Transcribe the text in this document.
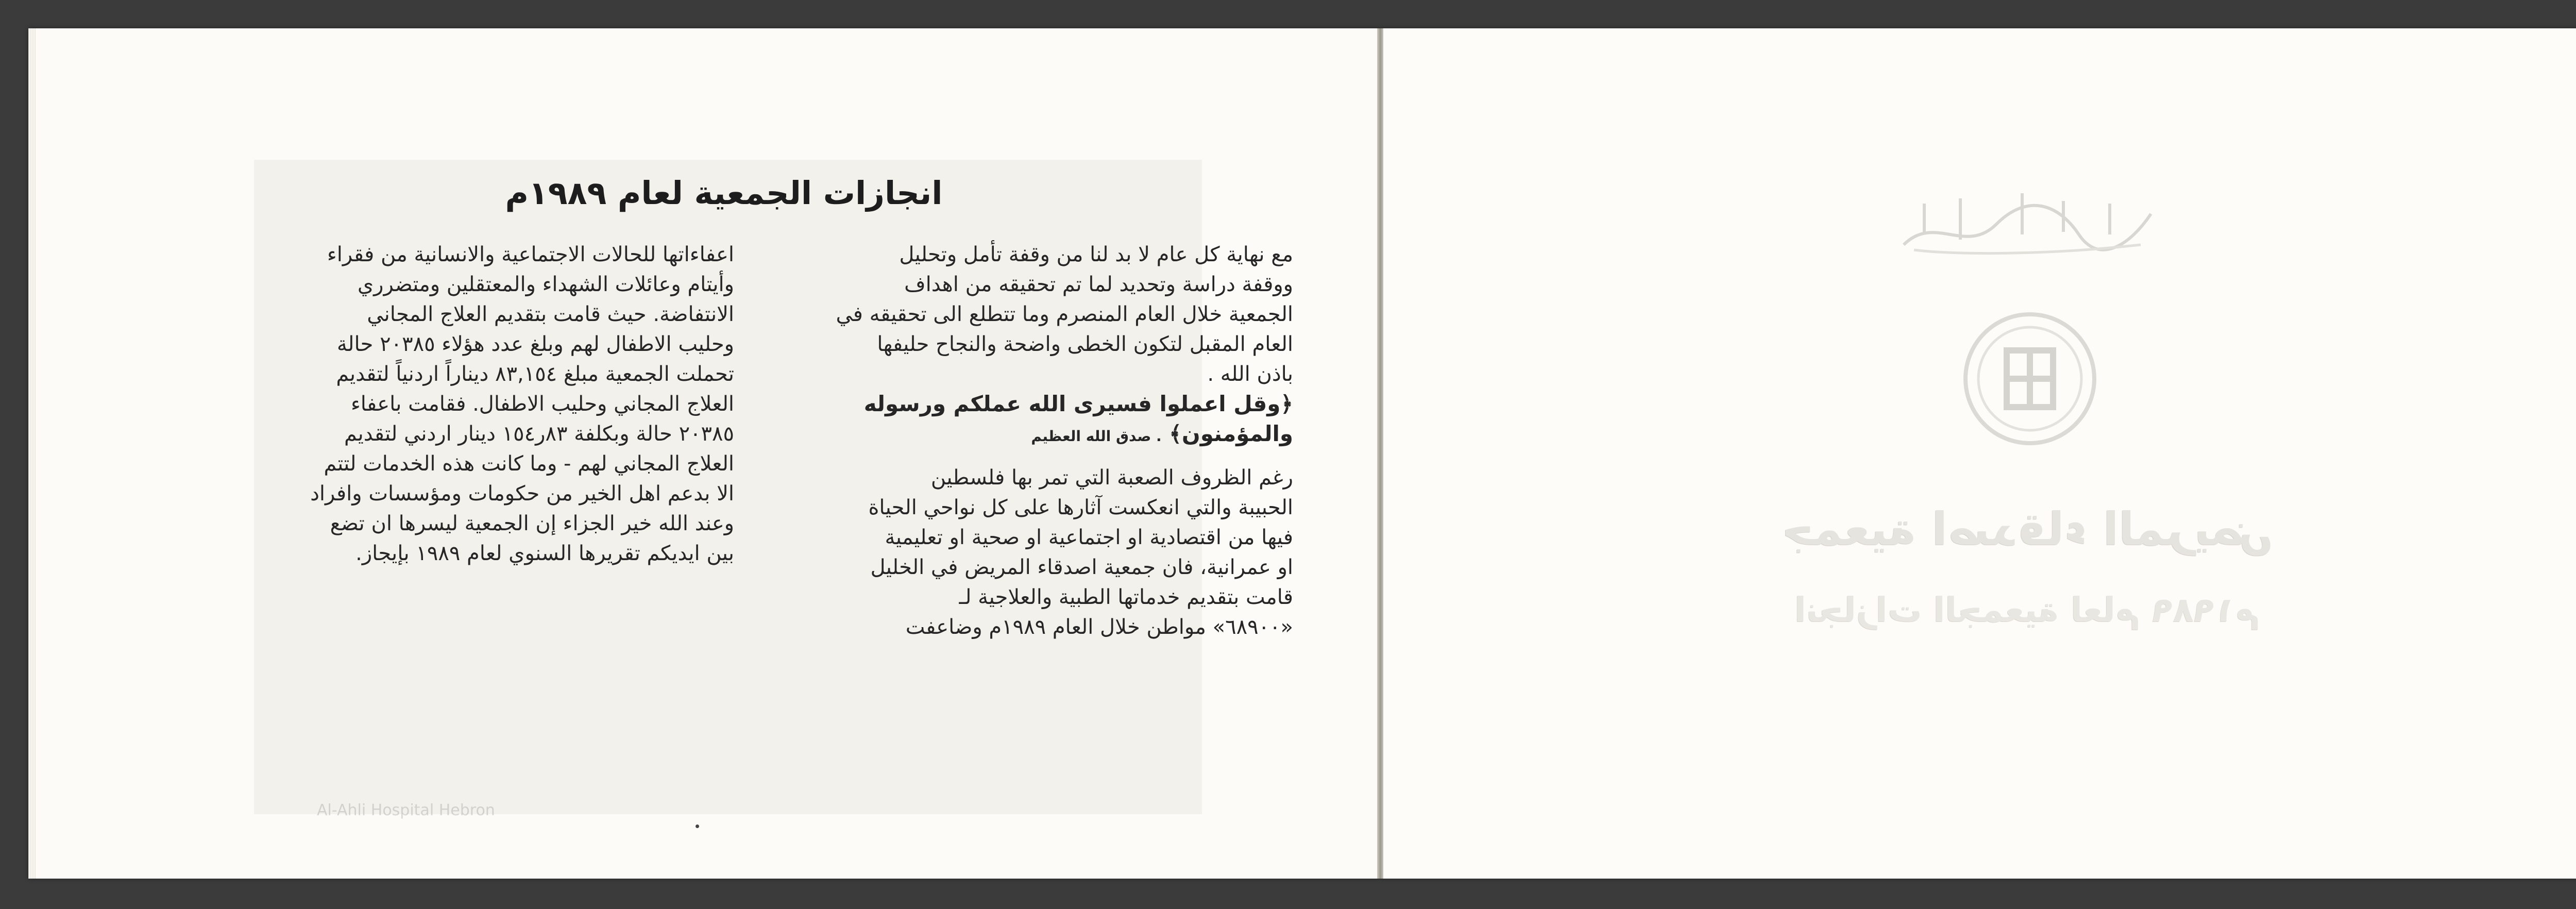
انجازات الجمعية لعام ١٩٨٩م

مع نهاية كل عام لا بد لنا من وقفة تأمل وتحليل

ووقفة دراسة وتحديد لما تم تحقيقه من اهداف

الجمعية خلال العام المنصرم وما تتطلع الى تحقيقه في

العام المقبل لتكون الخطى واضحة والنجاح حليفها

باذن الله .

﴿وقل اعملوا فسيرى الله عملكم ورسوله

والمؤمنون﴾ . صدق الله العظيم

رغم الظروف الصعبة التي تمر بها فلسطين

الحبيبة والتي انعكست آثارها على كل نواحي الحياة

فيها من اقتصادية او اجتماعية او صحية او تعليمية

او عمرانية، فان جمعية اصدقاء المريض في الخليل

قامت بتقديم خدماتها الطبية والعلاجية لـ

«٦٨٩٠٠» مواطن خلال العام ١٩٨٩م وضاعفت

اعفاءاتها للحالات الاجتماعية والانسانية من فقراء

وأيتام وعائلات الشهداء والمعتقلين ومتضرري

الانتفاضة. حيث قامت بتقديم العلاج المجاني

وحليب الاطفال لهم وبلغ عدد هؤلاء ٢٠٣٨٥ حالة

تحملت الجمعية مبلغ ٨٣,١٥٤ ديناراً اردنياً لتقديم

العلاج المجاني وحليب الاطفال. فقامت باعفاء

٢٠٣٨٥ حالة وبكلفة ٨٣ر١٥٤ دينار اردني لتقديم

العلاج المجاني لهم - وما كانت هذه الخدمات لتتم

الا بدعم اهل الخير من حكومات ومؤسسات وافراد

وعند الله خير الجزاء إن الجمعية ليسرها ان تضع

بين ايديكم تقريرها السنوي لعام ١٩٨٩ بإيجاز.

Al-Ahli Hospital Hebron
جمعية اصدقاء المريض
انجازات الجمعية لعام ١٩٨٩م
